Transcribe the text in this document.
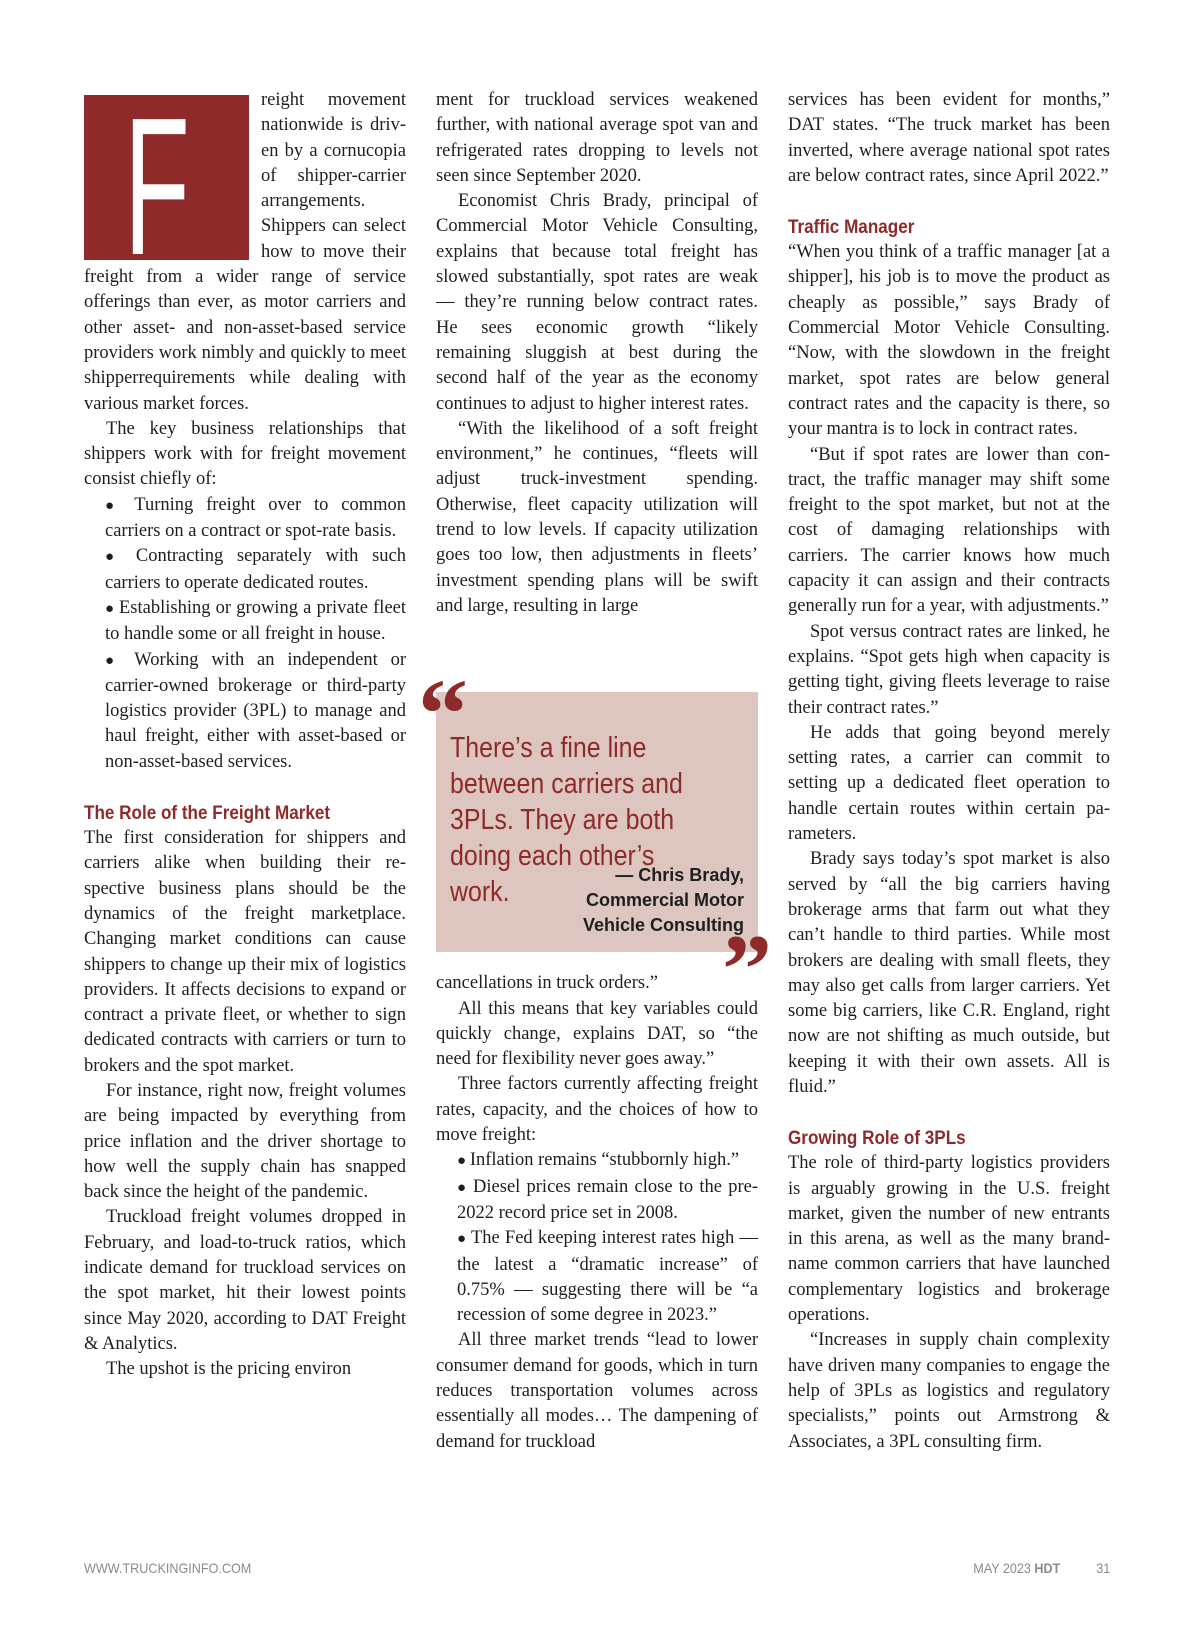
F	reight movement nationwide is driven by a cornucopia of shipper-carrier arrangements. Shippers can select how to move their freight from a wider range of service offerings than ever, as motor carriers and other asset- and non-asset-based service providers work nimbly and quickly to meet shipperrequirements while dealing with various market forces.

The key business relationships that shippers work with for freight movement consist chiefly of:

● Turning freight over to common carriers on a contract or spot-rate basis.

● Contracting separately with such carriers to operate dedicated routes.

● Establishing or growing a private fleet to handle some or all freight in house.

● Working with an independent or carrier-owned brokerage or third-party logistics provider (3PL) to manage and haul freight, either with asset-based or non-asset-based services.

The Role of the Freight Market

The first consideration for shippers and carriers alike when building their respective business plans should be the dynamics of the freight marketplace. Changing market conditions can cause shippers to change up their mix of logistics providers. It affects decisions to expand or contract a private fleet, or whether to sign dedicated contracts with carriers or turn to brokers and the spot market.

For instance, right now, freight volumes are being impacted by everything from price inflation and the driver shortage to how well the supply chain has snapped back since the height of the pandemic.

Truckload freight volumes dropped in February, and load-to-truck ratios, which indicate demand for truckload services on the spot market, hit their lowest points since May 2020, according to DAT Freight & Analytics.

The upshot is the pricing environ

ment for truckload services weakened further, with national average spot van and refrigerated rates dropping to levels not seen since September 2020.

Economist Chris Brady, principal of Commercial Motor Vehicle Consulting, explains that because total freight has slowed substantially, spot rates are weak — they’re running below contract rates. He sees economic growth “likely remaining sluggish at best during the second half of the year as the economy continues to adjust to higher interest rates.

“With the likelihood of a soft freight environment,” he continues, “fleets will adjust truck-investment spending. Otherwise, fleet capacity utilization will trend to low levels. If capacity utilization goes too low, then adjustments in fleets’ investment spending plans will be swift and large, resulting in large

cancellations in truck orders.”

All this means that key variables could quickly change, explains DAT, so “the need for flexibility never goes away.”

Three factors currently affecting freight rates, capacity, and the choices of how to move freight:

● Inflation remains “stubbornly high.”

● Diesel prices remain close to the pre-2022 record price set in 2008.

● The Fed keeping interest rates high — the latest a “dramatic increase” of 0.75% — suggesting there will be “a recession of some degree in 2023.”

All three market trends “lead to lower consumer demand for goods, which in turn reduces transportation volumes across essentially all modes… The dampening of demand for truckload

“
There’s a fine line between carriers and 3PLs. They are both doing each other’s work.
— Chris Brady,
Commercial Motor
Vehicle Consulting
”

services has been evident for months,” DAT states. “The truck market has been inverted, where average national spot rates are below contract rates, since April 2022.”

Traffic Manager

“When you think of a traffic manager [at a shipper], his job is to move the product as cheaply as possible,” says Brady of Commercial Motor Vehicle Consulting. “Now, with the slowdown in the freight market, spot rates are below general contract rates and the capacity is there, so your mantra is to lock in contract rates.

“But if spot rates are lower than contract, the traffic manager may shift some freight to the spot market, but not at the cost of damaging relationships with carriers. The carrier knows how much capacity it can assign and their contracts generally run for a year, with adjustments.”

Spot versus contract rates are linked, he explains. “Spot gets high when capacity is getting tight, giving fleets leverage to raise their contract rates.”

He adds that going beyond merely setting rates, a carrier can commit to setting up a dedicated fleet operation to handle certain routes within certain parameters.

Brady says today’s spot market is also served by “all the big carriers having brokerage arms that farm out what they can’t handle to third parties. While most brokers are dealing with small fleets, they may also get calls from larger carriers. Yet some big carriers, like C.R. England, right now are not shifting as much outside, but keeping it with their own assets. All is fluid.”

Growing Role of 3PLs

The role of third-party logistics providers is arguably growing in the U.S. freight market, given the number of new entrants in this arena, as well as the many brand-name common carriers that have launched complementary logistics and brokerage operations.

“Increases in supply chain complexity have driven many companies to engage the help of 3PLs as logistics and regulatory specialists,” points out Armstrong & Associates, a 3PL consulting firm.

WWW.TRUCKINGINFO.COM	MAY 2023 HDT	31
